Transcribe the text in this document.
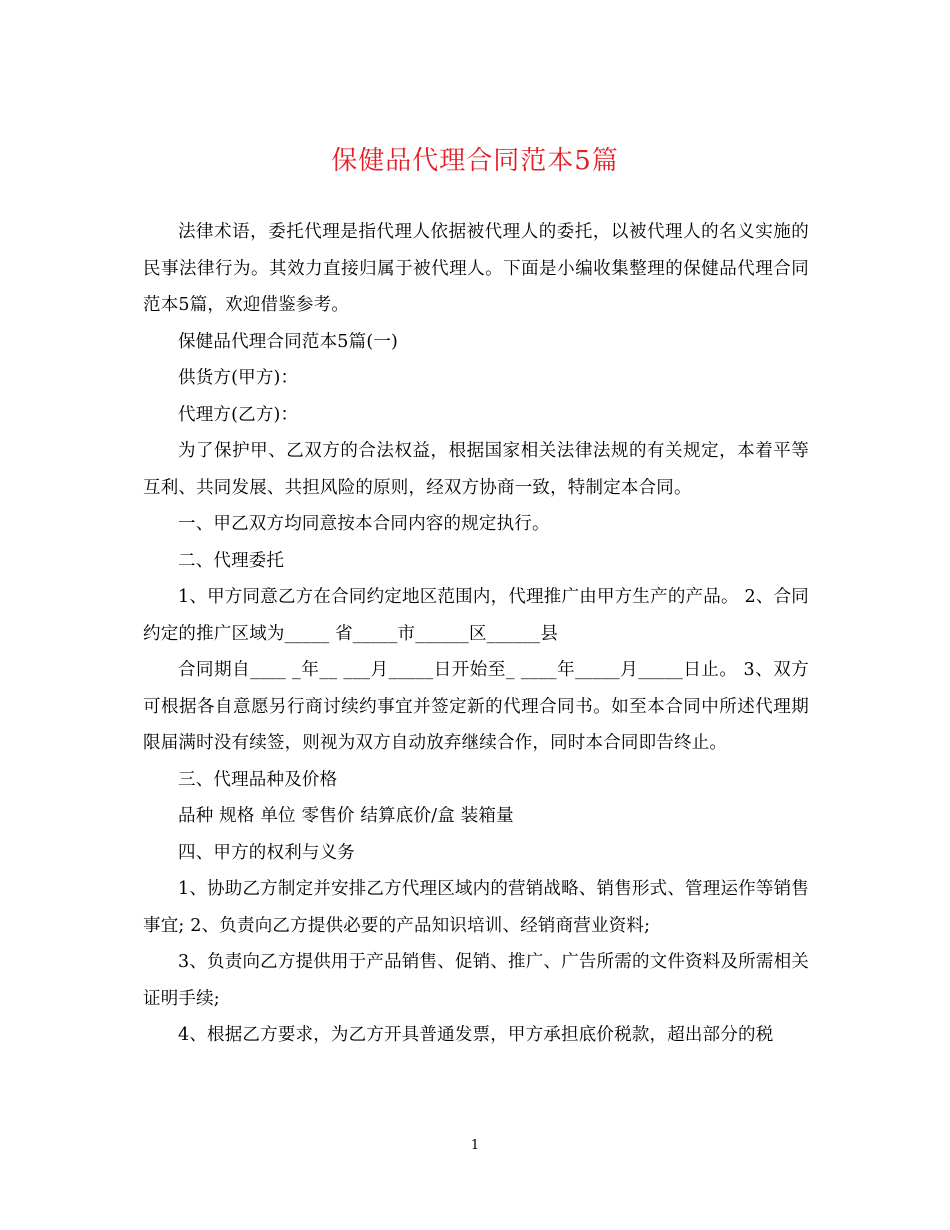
保健品代理合同范本5篇

法律术语，委托代理是指代理人依据被代理人的委托，以被代理人的名义实施的民事法律行为。其效力直接归属于被代理人。下面是小编收集整理的保健品代理合同范本5篇，欢迎借鉴参考。

保健品代理合同范本5篇(一)

供货方(甲方)：

代理方(乙方)：

为了保护甲、乙双方的合法权益，根据国家相关法律法规的有关规定，本着平等互利、共同发展、共担风险的原则，经双方协商一致，特制定本合同。

一、甲乙双方均同意按本合同内容的规定执行。

二、代理委托

1、甲方同意乙方在合同约定地区范围内，代理推广由甲方生产的产品。 2、合同约定的推广区域为_____ 省_____市______区______县

合同期自____ _年__ ___月_____日开始至_ ____年_____月_____日止。 3、双方可根据各自意愿另行商讨续约事宜并签定新的代理合同书。如至本合同中所述代理期限届满时没有续签，则视为双方自动放弃继续合作，同时本合同即告终止。

三、代理品种及价格

品种 规格 单位 零售价 结算底价/盒 装箱量

四、甲方的权利与义务

1、协助乙方制定并安排乙方代理区域内的营销战略、销售形式、管理运作等销售事宜; 2、负责向乙方提供必要的产品知识培训、经销商营业资料;

3、负责向乙方提供用于产品销售、促销、推广、广告所需的文件资料及所需相关证明手续;

4、根据乙方要求，为乙方开具普通发票，甲方承担底价税款，超出部分的税

1
